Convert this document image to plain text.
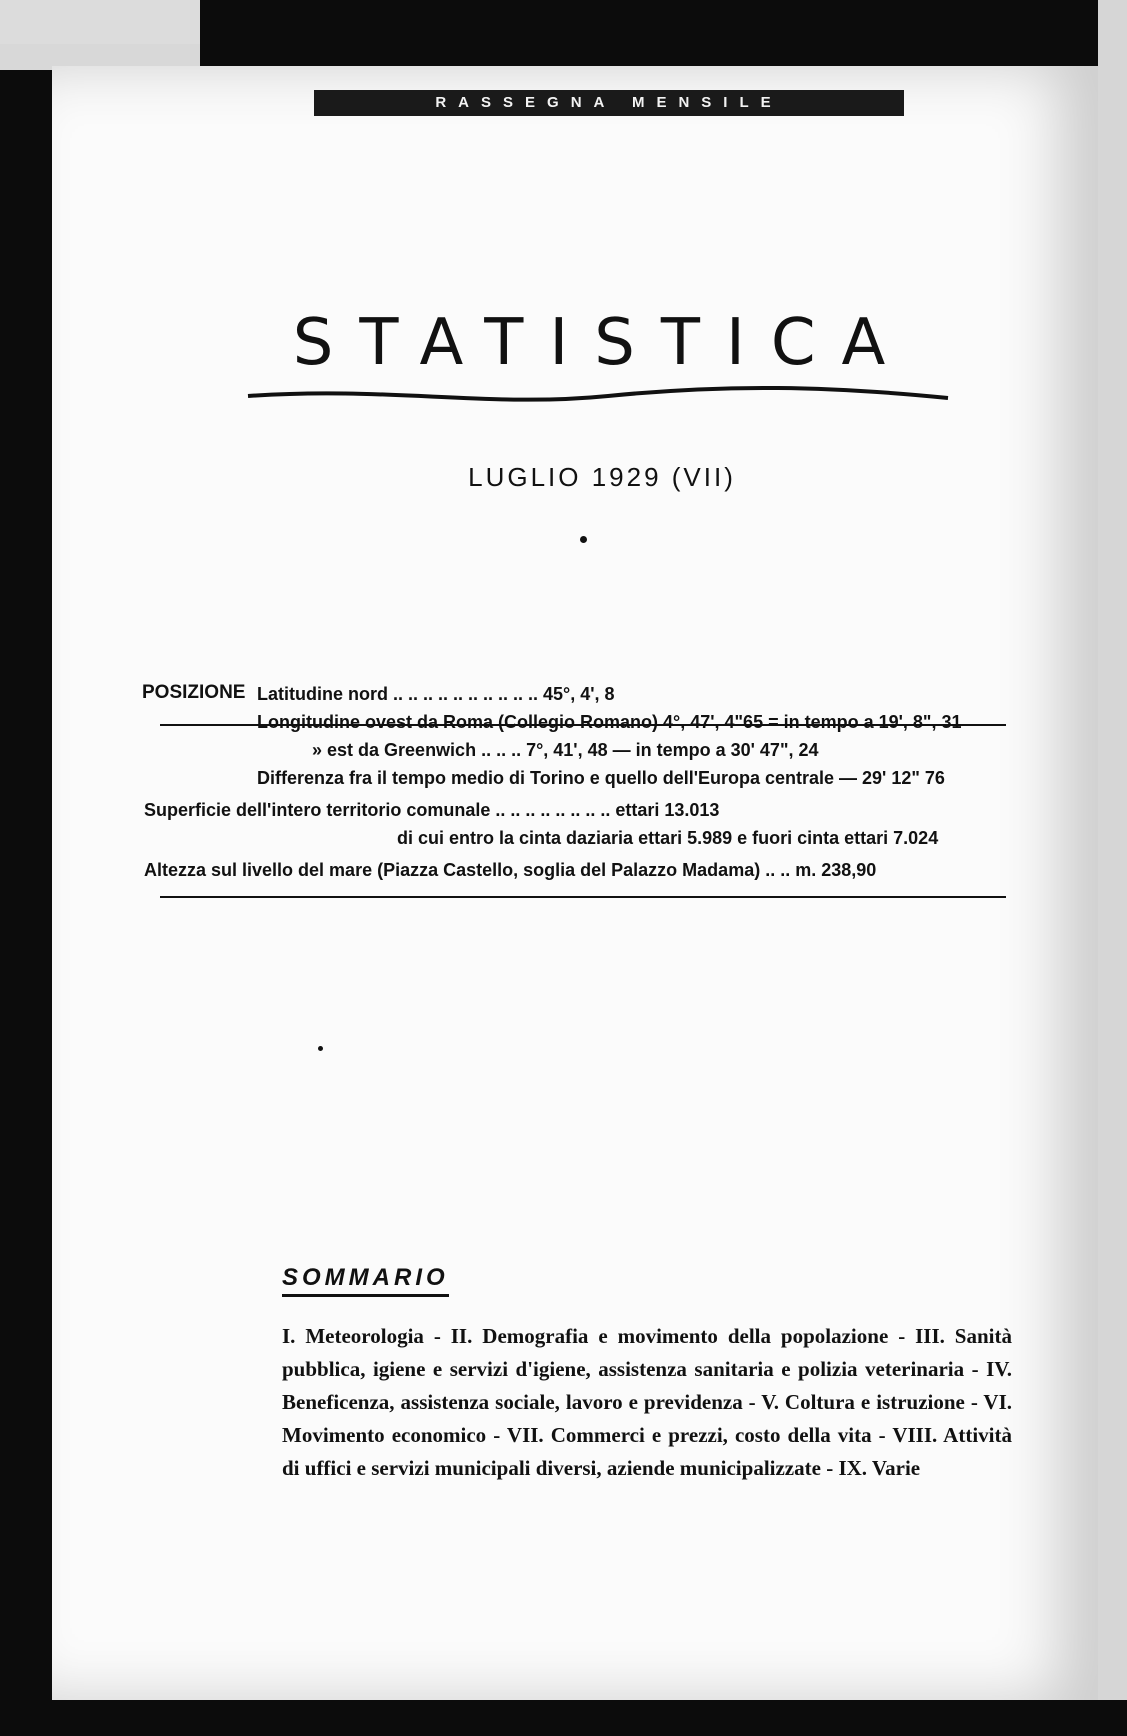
RASSEGNA MENSILE
STATISTICA
LUGLIO 1929 (VII)
POSIZIONE Latitudine nord .. .. .. .. .. .. .. .. .. .. 45°, 4', 8
Longitudine ovest da Roma (Collegio Romano) 4°, 47', 4"65 = in tempo a 19', 8", 31
» est da Greenwich .. .. .. 7°, 41', 48 — in tempo a 30' 47", 24
Differenza fra il tempo medio di Torino e quello dell'Europa centrale — 29' 12" 76
Superficie dell'intero territorio comunale .. .. .. .. .. .. .. .. ettari 13.013
di cui entro la cinta daziaria ettari 5.989 e fuori cinta ettari 7.024
Altezza sul livello del mare (Piazza Castello, soglia del Palazzo Madama) .. .. m. 238,90
SOMMARIO
I. Meteorologia - II. Demografia e movimento della popolazione - III. Sanità pubblica, igiene e servizi d'igiene, assistenza sanitaria e polizia veterinaria - IV. Beneficenza, assistenza sociale, lavoro e previdenza - V. Coltura e istruzione - VI. Movimento economico - VII. Commerci e prezzi, costo della vita - VIII. Attività di uffici e servizi municipali diversi, aziende municipalizzate - IX. Varie
